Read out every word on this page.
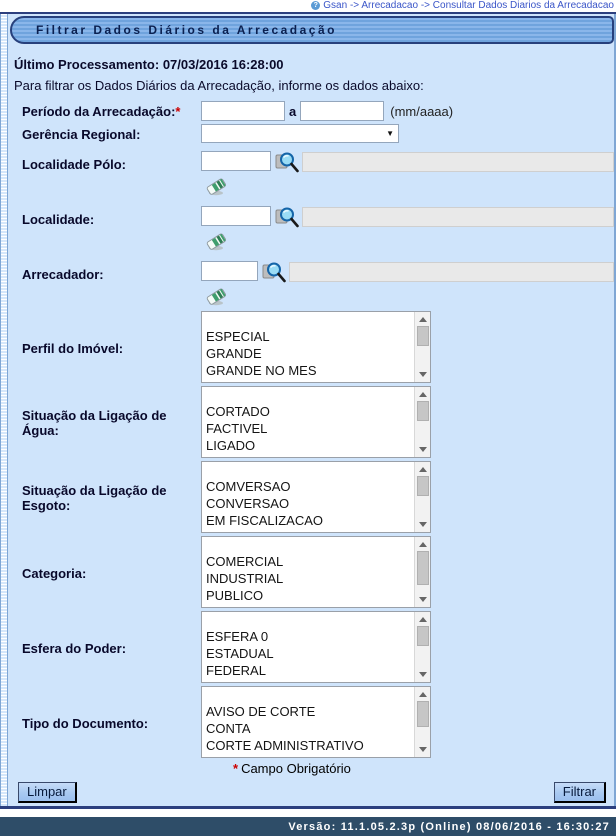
? Gsan -> Arrecadacao -> Consultar Dados Diarios da Arrecadacao
Filtrar Dados Diários da Arrecadação
Último Processamento: 07/03/2016 16:28:00
Para filtrar os Dados Diários da Arrecadação, informe os dados abaixo:
Período da Arrecadação:*	a	(mm/aaaa)
Gerência Regional:	▼
Localidade Pólo:
Localidade:
Arrecadador:
Perfil do Imóvel:
ESPECIAL
GRANDE
GRANDE NO MES
Situação da Ligação de Água:
CORTADO
FACTIVEL
LIGADO
Situação da Ligação de Esgoto:
COMVERSAO
CONVERSAO
EM FISCALIZACAO
Categoria:
COMERCIAL
INDUSTRIAL
PUBLICO
Esfera do Poder:
ESFERA 0
ESTADUAL
FEDERAL
Tipo do Documento:
AVISO DE CORTE
CONTA
CORTE ADMINISTRATIVO
* Campo Obrigatório
Limpar	Filtrar
Versão: 11.1.05.2.3p (Online) 08/06/2016 - 16:30:27
